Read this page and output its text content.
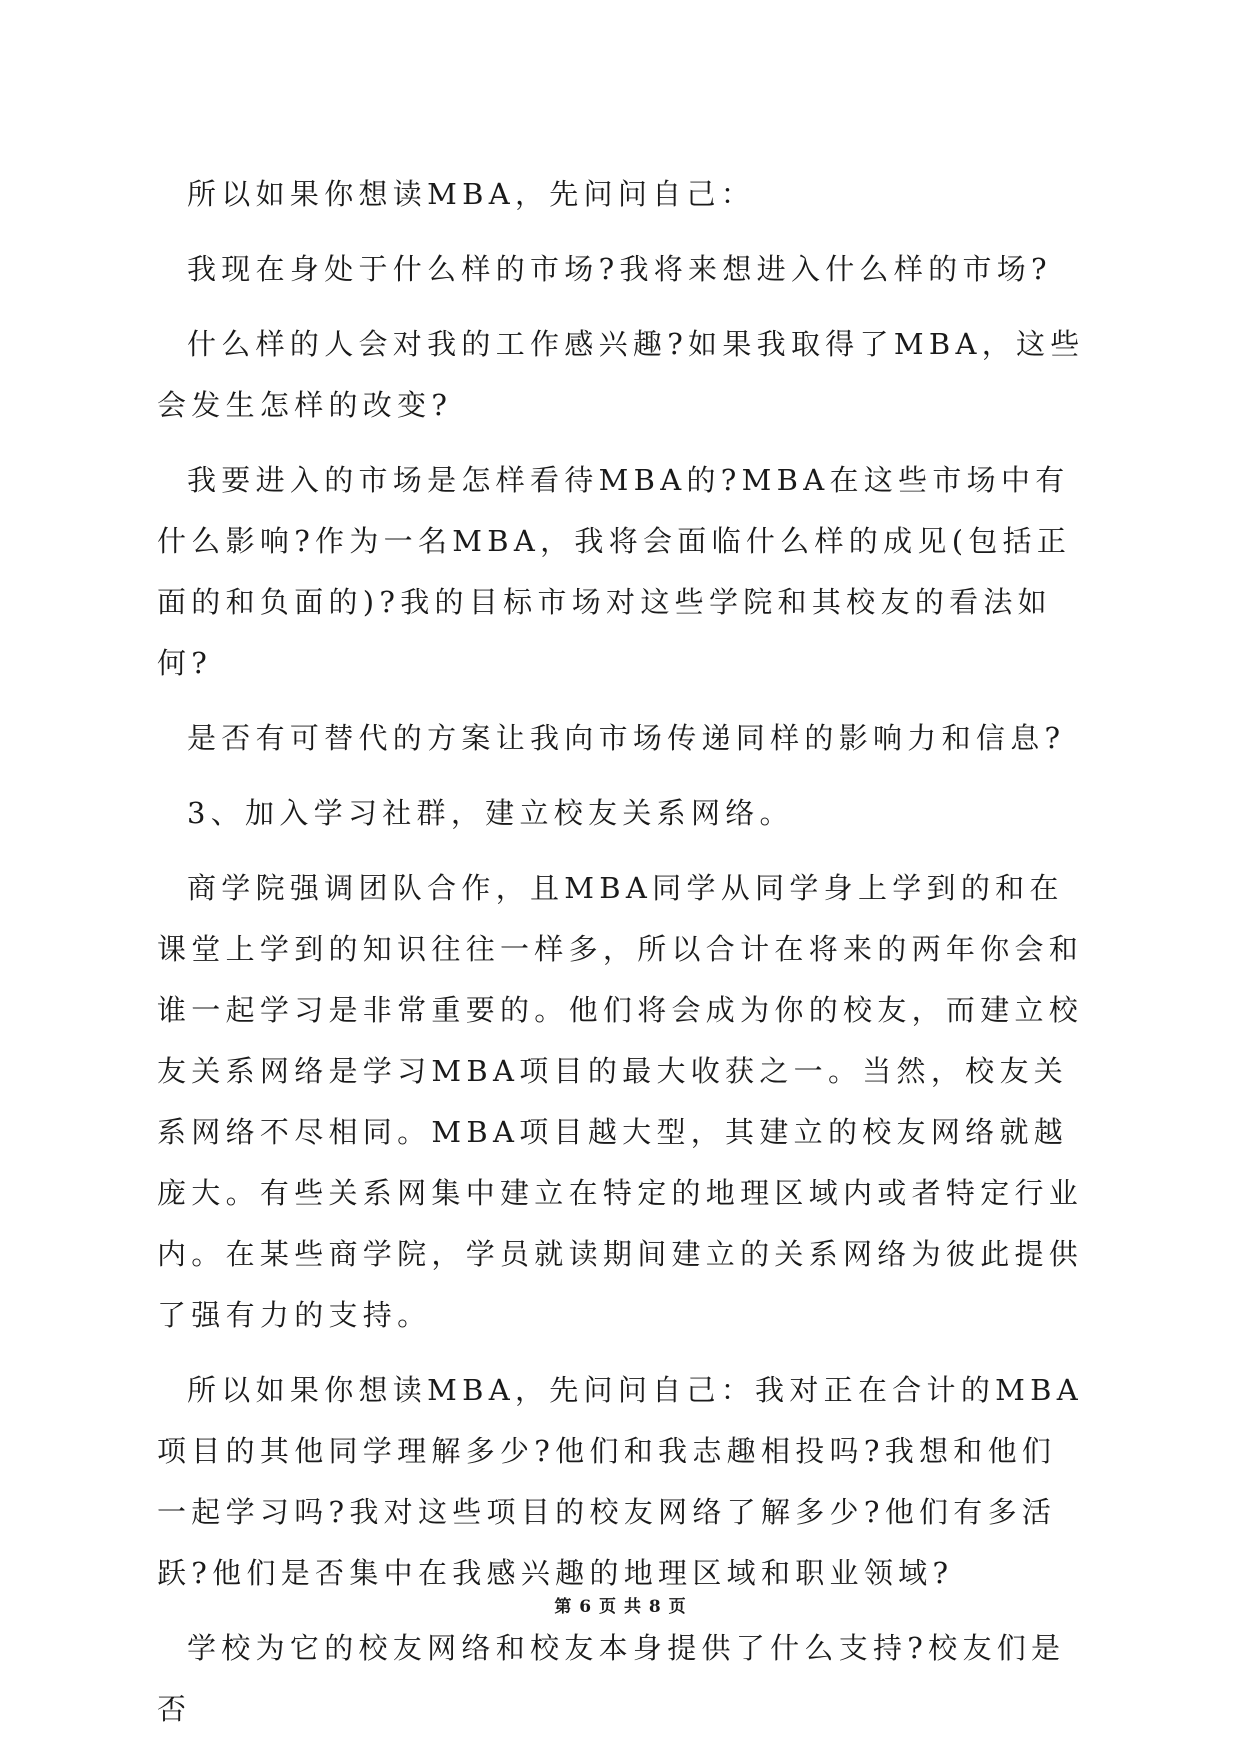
所以如果你想读MBA，先问问自己：

我现在身处于什么样的市场?我将来想进入什么样的市场?

什么样的人会对我的工作感兴趣?如果我取得了MBA，这些会发生怎样的改变?

我要进入的市场是怎样看待MBA的?MBA在这些市场中有什么影响?作为一名MBA，我将会面临什么样的成见(包括正面的和负面的)?我的目标市场对这些学院和其校友的看法如何?

是否有可替代的方案让我向市场传递同样的影响力和信息?

3、加入学习社群，建立校友关系网络。

商学院强调团队合作，且MBA同学从同学身上学到的和在课堂上学到的知识往往一样多，所以合计在将来的两年你会和谁一起学习是非常重要的。他们将会成为你的校友，而建立校友关系网络是学习MBA项目的最大收获之一。当然，校友关系网络不尽相同。MBA项目越大型，其建立的校友网络就越庞大。有些关系网集中建立在特定的地理区域内或者特定行业内。在某些商学院，学员就读期间建立的关系网络为彼此提供了强有力的支持。

所以如果你想读MBA，先问问自己：我对正在合计的MBA项目的其他同学理解多少?他们和我志趣相投吗?我想和他们一起学习吗?我对这些项目的校友网络了解多少?他们有多活跃?他们是否集中在我感兴趣的地理区域和职业领域?

学校为它的校友网络和校友本身提供了什么支持?校友们是否

第 6 页 共 8 页
